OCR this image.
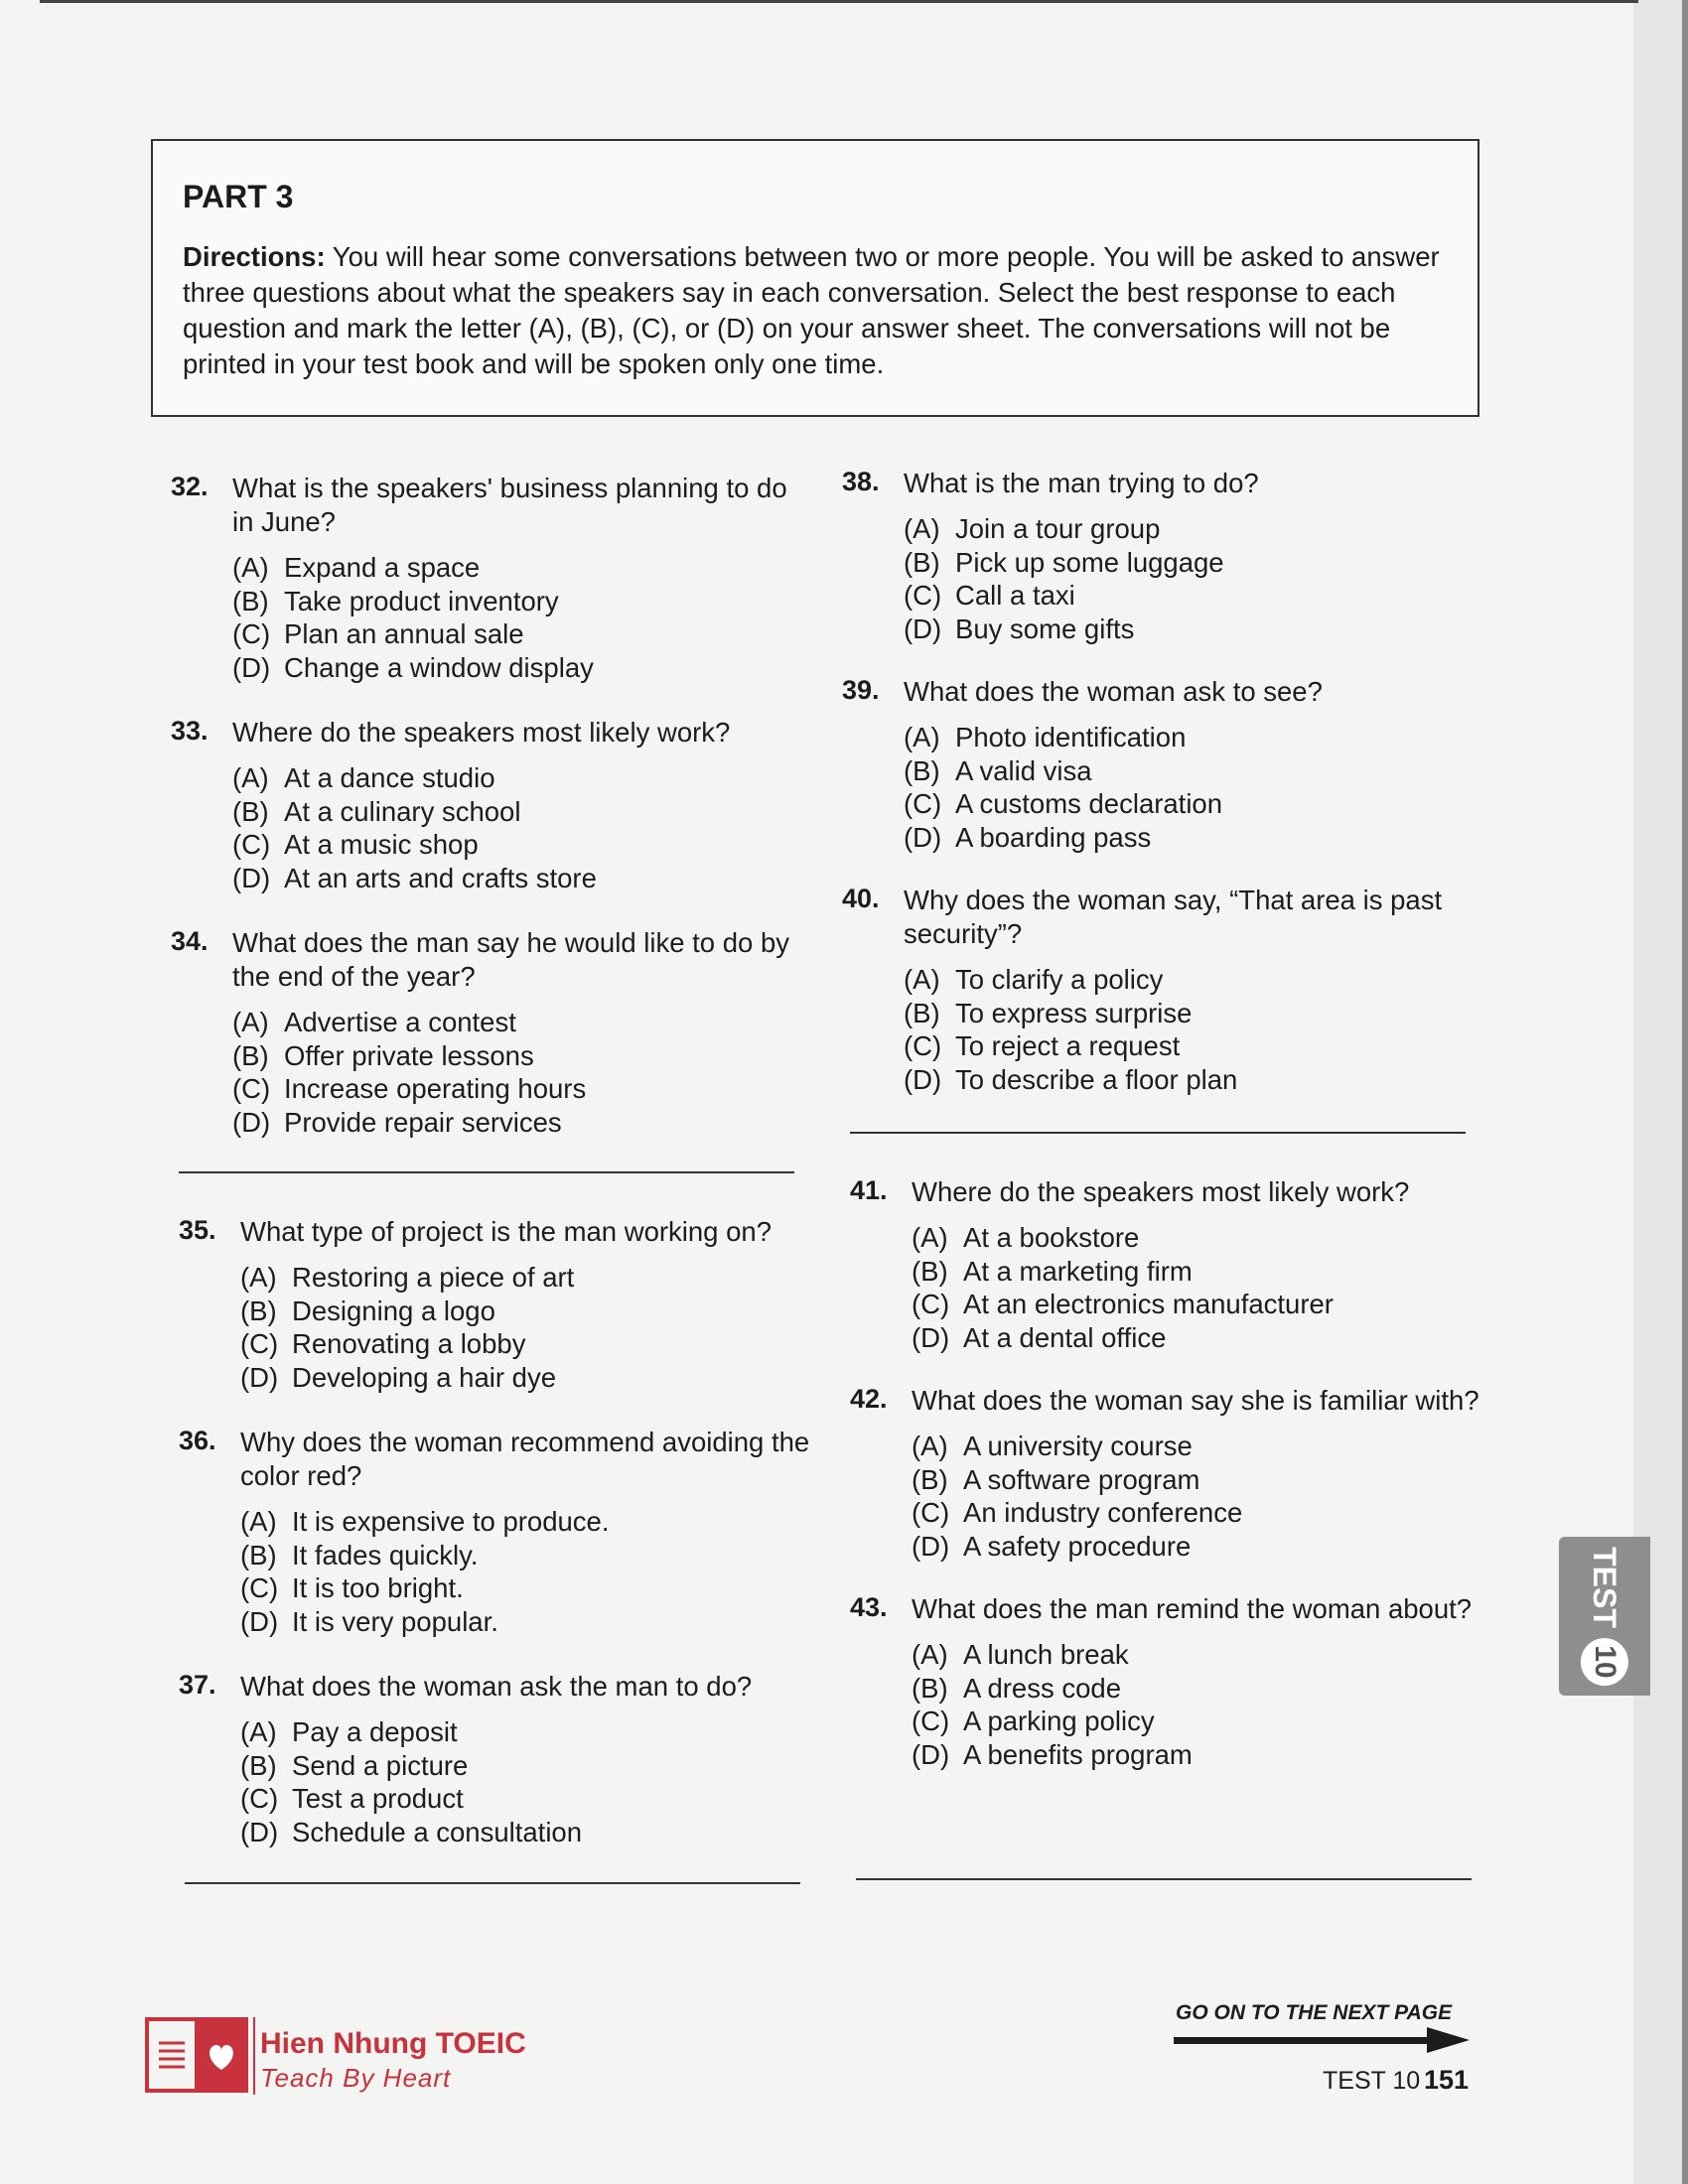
PART 3

Directions: You will hear some conversations between two or more people. You will be asked to answer three questions about what the speakers say in each conversation. Select the best response to each question and mark the letter (A), (B), (C), or (D) on your answer sheet. The conversations will not be printed in your test book and will be spoken only one time.

32. What is the speakers' business planning to do in June?
(A) Expand a space
(B) Take product inventory
(C) Plan an annual sale
(D) Change a window display
33. Where do the speakers most likely work?
(A) At a dance studio
(B) At a culinary school
(C) At a music shop
(D) At an arts and crafts store
34. What does the man say he would like to do by the end of the year?
(A) Advertise a contest
(B) Offer private lessons
(C) Increase operating hours
(D) Provide repair services
35. What type of project is the man working on?
(A) Restoring a piece of art
(B) Designing a logo
(C) Renovating a lobby
(D) Developing a hair dye
36. Why does the woman recommend avoiding the color red?
(A) It is expensive to produce.
(B) It fades quickly.
(C) It is too bright.
(D) It is very popular.
37. What does the woman ask the man to do?
(A) Pay a deposit
(B) Send a picture
(C) Test a product
(D) Schedule a consultation
38. What is the man trying to do?
(A) Join a tour group
(B) Pick up some luggage
(C) Call a taxi
(D) Buy some gifts
39. What does the woman ask to see?
(A) Photo identification
(B) A valid visa
(C) A customs declaration
(D) A boarding pass
40. Why does the woman say, “That area is past security”?
(A) To clarify a policy
(B) To express surprise
(C) To reject a request
(D) To describe a floor plan
41. Where do the speakers most likely work?
(A) At a bookstore
(B) At a marketing firm
(C) At an electronics manufacturer
(D) At a dental office
42. What does the woman say she is familiar with?
(A) A university course
(B) A software program
(C) An industry conference
(D) A safety procedure
43. What does the man remind the woman about?
(A) A lunch break
(B) A dress code
(C) A parking policy
(D) A benefits program
TEST
10
Hien Nhung TOEIC
Teach By Heart
GO ON TO THE NEXT PAGE
TEST 10 151
